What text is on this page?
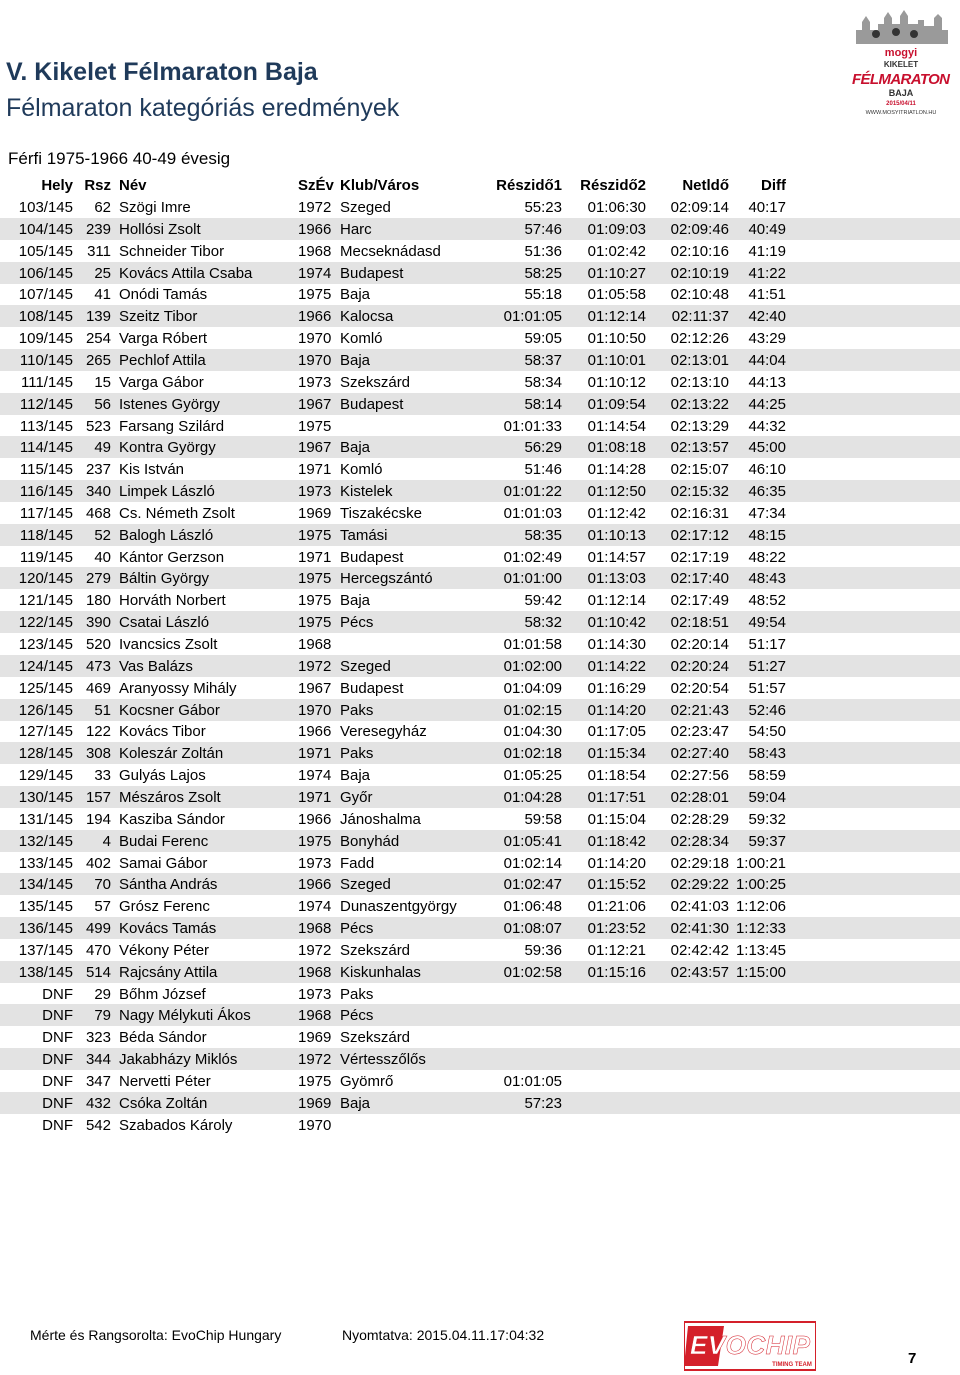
V. Kikelet Félmaraton Baja
Félmaraton kategóriás eredmények
Férfi 1975-1966 40-49 évesig
mogyi
KIKELET
FÉLMARATON
BAJA
2015/04/11
WWW.MOSYITRIATLON.HU
Hely Rsz Név	SzÉv Klub/Város	Részidő1 Részidő2 Netldő Diff
103/145 62 Szögi Imre	1972 Szeged	55:23 01:06:30 02:09:14 40:17
104/145 239 Hollósi Zsolt	1966 Harc	57:46 01:09:03 02:09:46 40:49
105/145 311 Schneider Tibor	1968 Mecseknádasd	51:36 01:02:42 02:10:16 41:19
106/145 25 Kovács Attila Csaba	1974 Budapest	58:25 01:10:27 02:10:19 41:22
107/145 41 Onódi Tamás	1975 Baja	55:18 01:05:58 02:10:48 41:51
108/145 139 Szeitz Tibor	1966 Kalocsa	01:01:05 01:12:14 02:11:37 42:40
109/145 254 Varga Róbert	1970 Komló	59:05 01:10:50 02:12:26 43:29
110/145 265 Pechlof Attila	1970 Baja	58:37 01:10:01 02:13:01 44:04
111/145 15 Varga Gábor	1973 Szekszárd	58:34 01:10:12 02:13:10 44:13
112/145 56 Istenes György	1967 Budapest	58:14 01:09:54 02:13:22 44:25
113/145 523 Farsang Szilárd	1975	01:01:33 01:14:54 02:13:29 44:32
114/145 49 Kontra György	1967 Baja	56:29 01:08:18 02:13:57 45:00
115/145 237 Kis István	1971 Komló	51:46 01:14:28 02:15:07 46:10
116/145 340 Limpek László	1973 Kistelek	01:01:22 01:12:50 02:15:32 46:35
117/145 468 Cs. Németh Zsolt	1969 Tiszakécske	01:01:03 01:12:42 02:16:31 47:34
118/145 52 Balogh László	1975 Tamási	58:35 01:10:13 02:17:12 48:15
119/145 40 Kántor Gerzson	1971 Budapest	01:02:49 01:14:57 02:17:19 48:22
120/145 279 Báltin György	1975 Hercegszántó	01:01:00 01:13:03 02:17:40 48:43
121/145 180 Horváth Norbert	1975 Baja	59:42 01:12:14 02:17:49 48:52
122/145 390 Csatai László	1975 Pécs	58:32 01:10:42 02:18:51 49:54
123/145 520 Ivancsics Zsolt	1968	01:01:58 01:14:30 02:20:14 51:17
124/145 473 Vas Balázs	1972 Szeged	01:02:00 01:14:22 02:20:24 51:27
125/145 469 Aranyossy Mihály	1967 Budapest	01:04:09 01:16:29 02:20:54 51:57
126/145 51 Kocsner Gábor	1970 Paks	01:02:15 01:14:20 02:21:43 52:46
127/145 122 Kovács Tibor	1966 Veresegyház	01:04:30 01:17:05 02:23:47 54:50
128/145 308 Koleszár Zoltán	1971 Paks	01:02:18 01:15:34 02:27:40 58:43
129/145 33 Gulyás Lajos	1974 Baja	01:05:25 01:18:54 02:27:56 58:59
130/145 157 Mészáros Zsolt	1971 Győr	01:04:28 01:17:51 02:28:01 59:04
131/145 194 Kasziba Sándor	1966 Jánoshalma	59:58 01:15:04 02:28:29 59:32
132/145 4 Budai Ferenc	1975 Bonyhád	01:05:41 01:18:42 02:28:34 59:37
133/145 402 Samai Gábor	1973 Fadd	01:02:14 01:14:20 02:29:18 1:00:21
134/145 70 Sántha András	1966 Szeged	01:02:47 01:15:52 02:29:22 1:00:25
135/145 57 Grósz Ferenc	1974 Dunaszentgyörgy	01:06:48 01:21:06 02:41:03 1:12:06
136/145 499 Kovács Tamás	1968 Pécs	01:08:07 01:23:52 02:41:30 1:12:33
137/145 470 Vékony Péter	1972 Szekszárd	59:36 01:12:21 02:42:42 1:13:45
138/145 514 Rajcsány Attila	1968 Kiskunhalas	01:02:58 01:15:16 02:43:57 1:15:00
DNF 29 Bőhm József	1973 Paks
DNF 79 Nagy Mélykuti Ákos	1968 Pécs
DNF 323 Béda Sándor	1969 Szekszárd
DNF 344 Jakabházy Miklós	1972 Vértesszőlős
DNF 347 Nervetti Péter	1975 Gyömrő	01:01:05
DNF 432 Csóka Zoltán	1969 Baja	57:23
DNF 542 Szabados Károly	1970
Mérte és Rangsorolta: EvoChip Hungary	Nyomtatva: 2015.04.11.17:04:32	EVOCHIP
TIMING TEAM	7
